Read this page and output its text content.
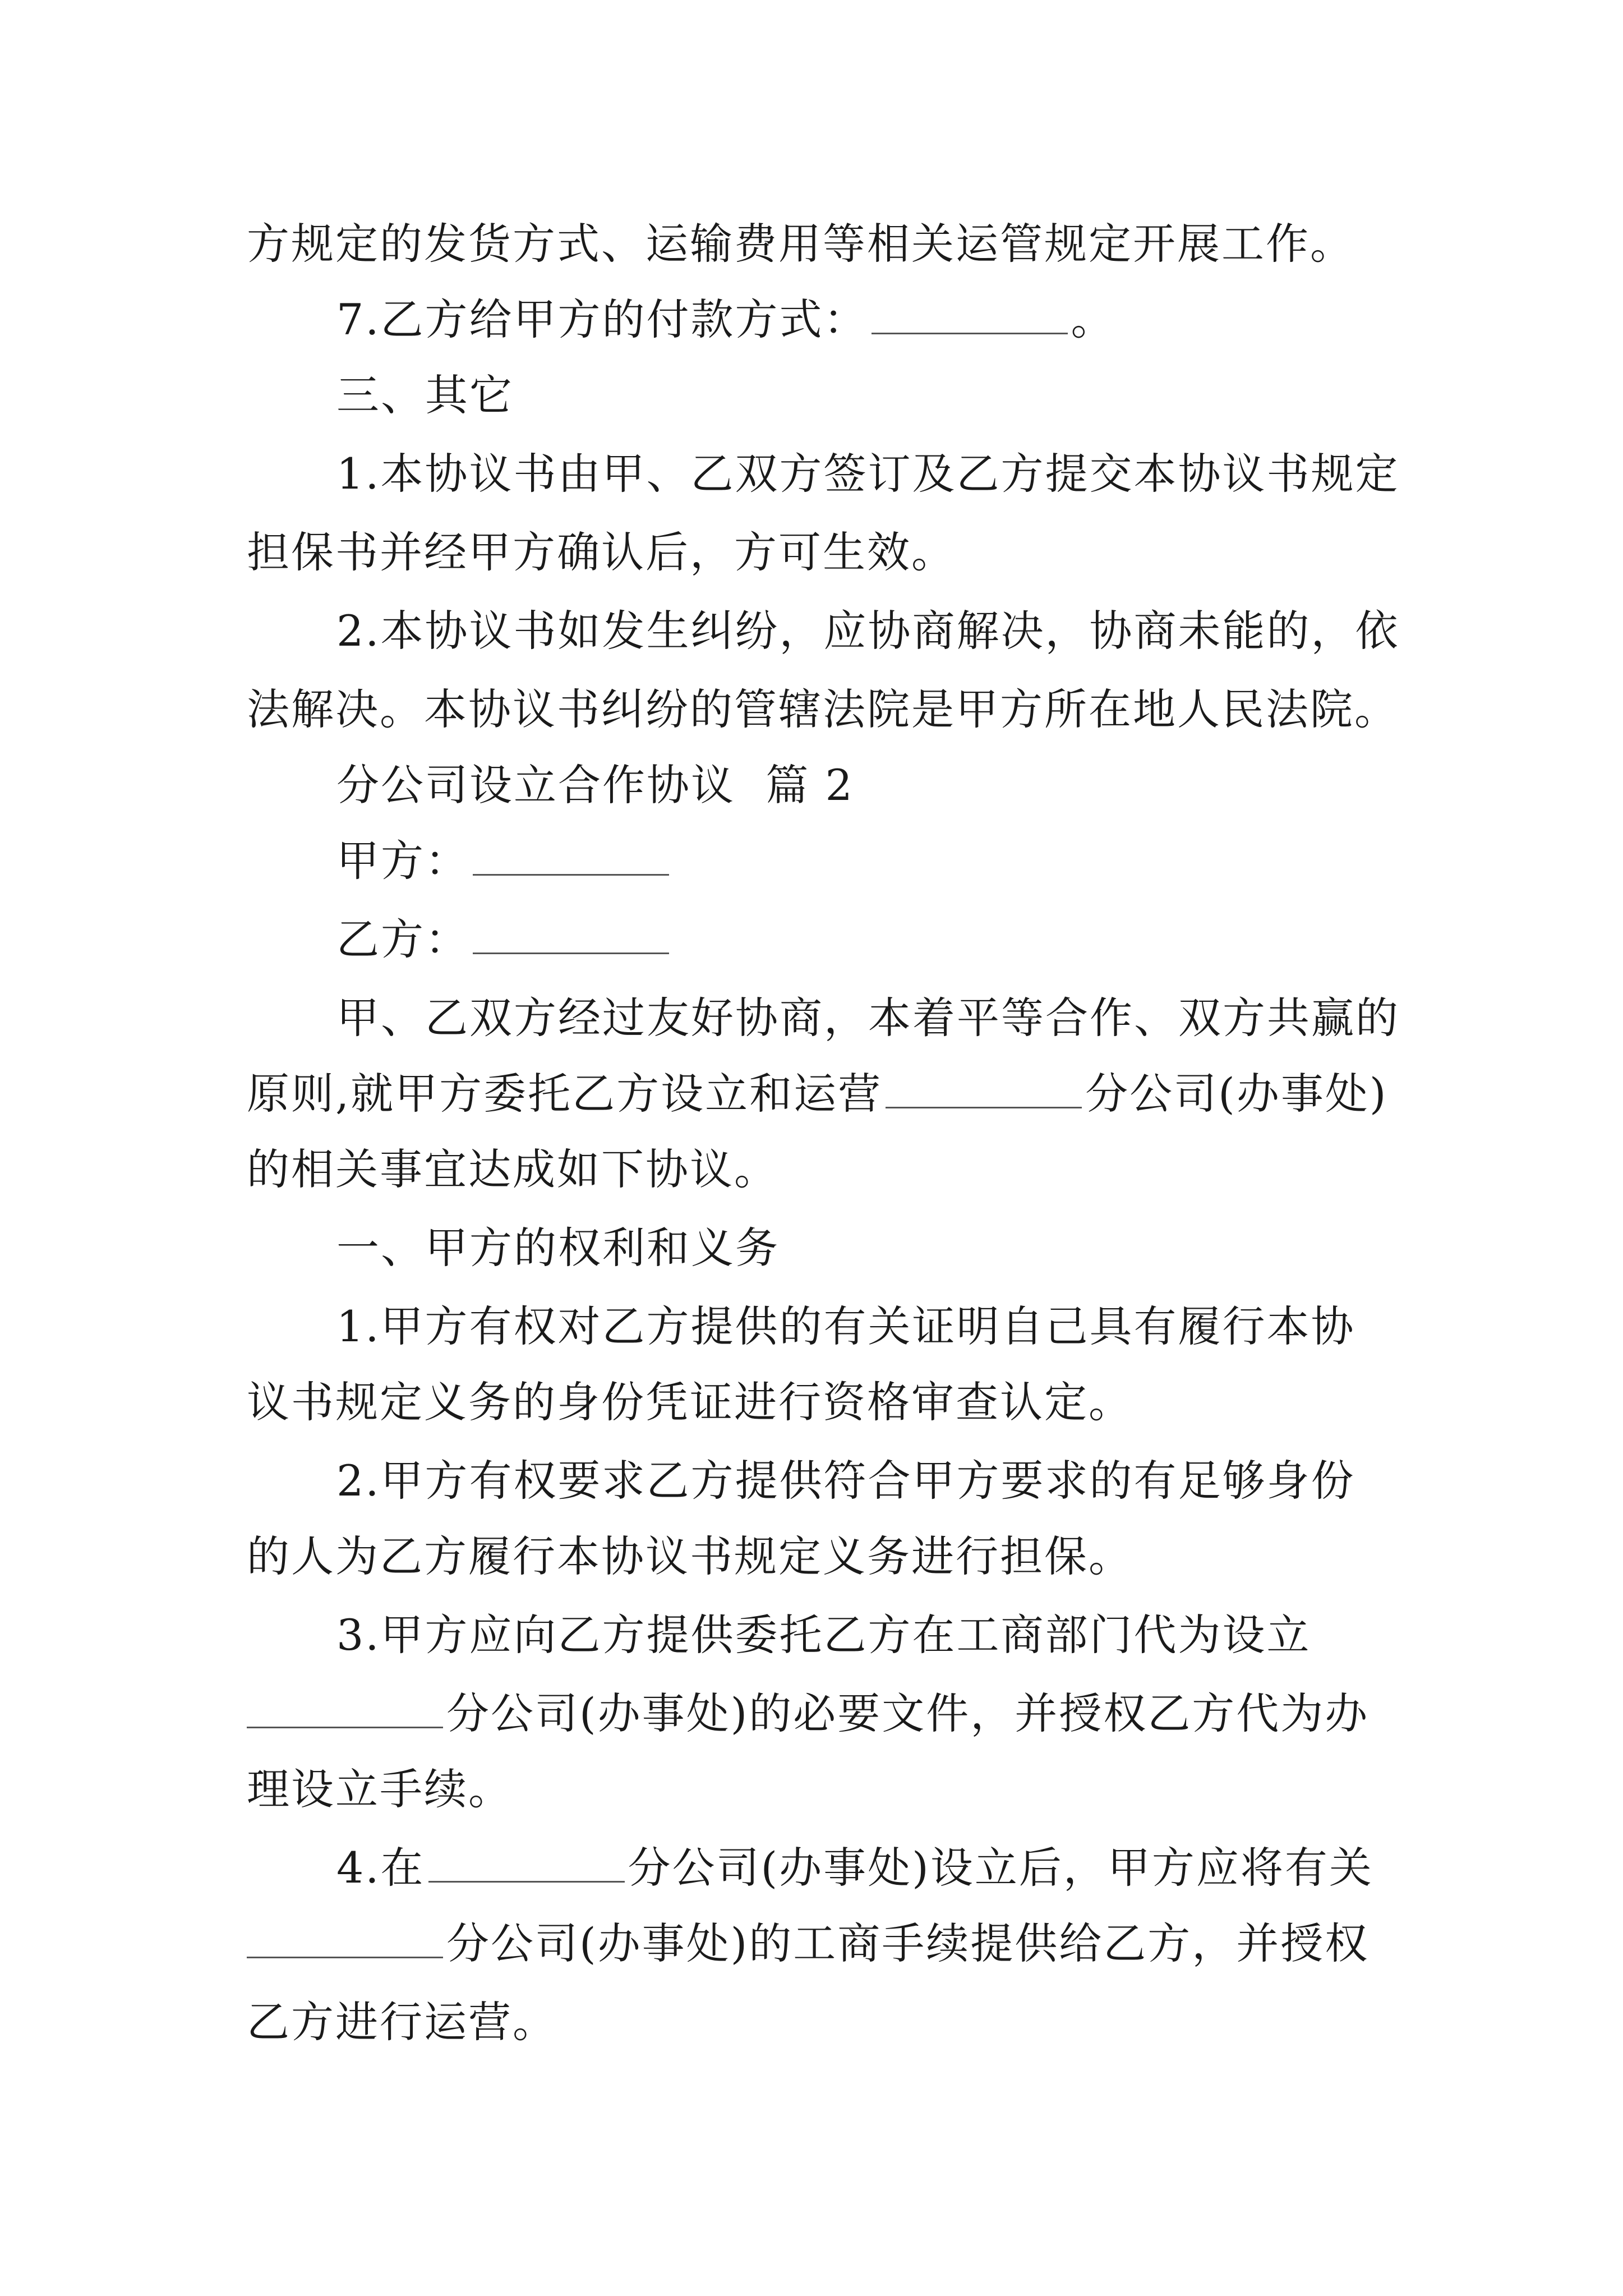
方规定的发货方式、运输费用等相关运管规定开展工作。
7.乙方给甲方的付款方式：	。
三、其它
1.本协议书由甲、乙双方签订及乙方提交本协议书规定
担保书并经甲方确认后，方可生效。
2.本协议书如发生纠纷，应协商解决，协商未能的，依
法解决。本协议书纠纷的管辖法院是甲方所在地人民法院。
分公司设立合作协议  篇 2
甲方：
乙方：
甲、乙双方经过友好协商，本着平等合作、双方共赢的
原则,就甲方委托乙方设立和运营	分公司(办事处)
的相关事宜达成如下协议。
一、甲方的权利和义务
1.甲方有权对乙方提供的有关证明自己具有履行本协
议书规定义务的身份凭证进行资格审查认定。
2.甲方有权要求乙方提供符合甲方要求的有足够身份
的人为乙方履行本协议书规定义务进行担保。
3.甲方应向乙方提供委托乙方在工商部门代为设立
分公司(办事处)的必要文件，并授权乙方代为办
理设立手续。
4.在	分公司(办事处)设立后，甲方应将有关
分公司(办事处)的工商手续提供给乙方，并授权
乙方进行运营。
